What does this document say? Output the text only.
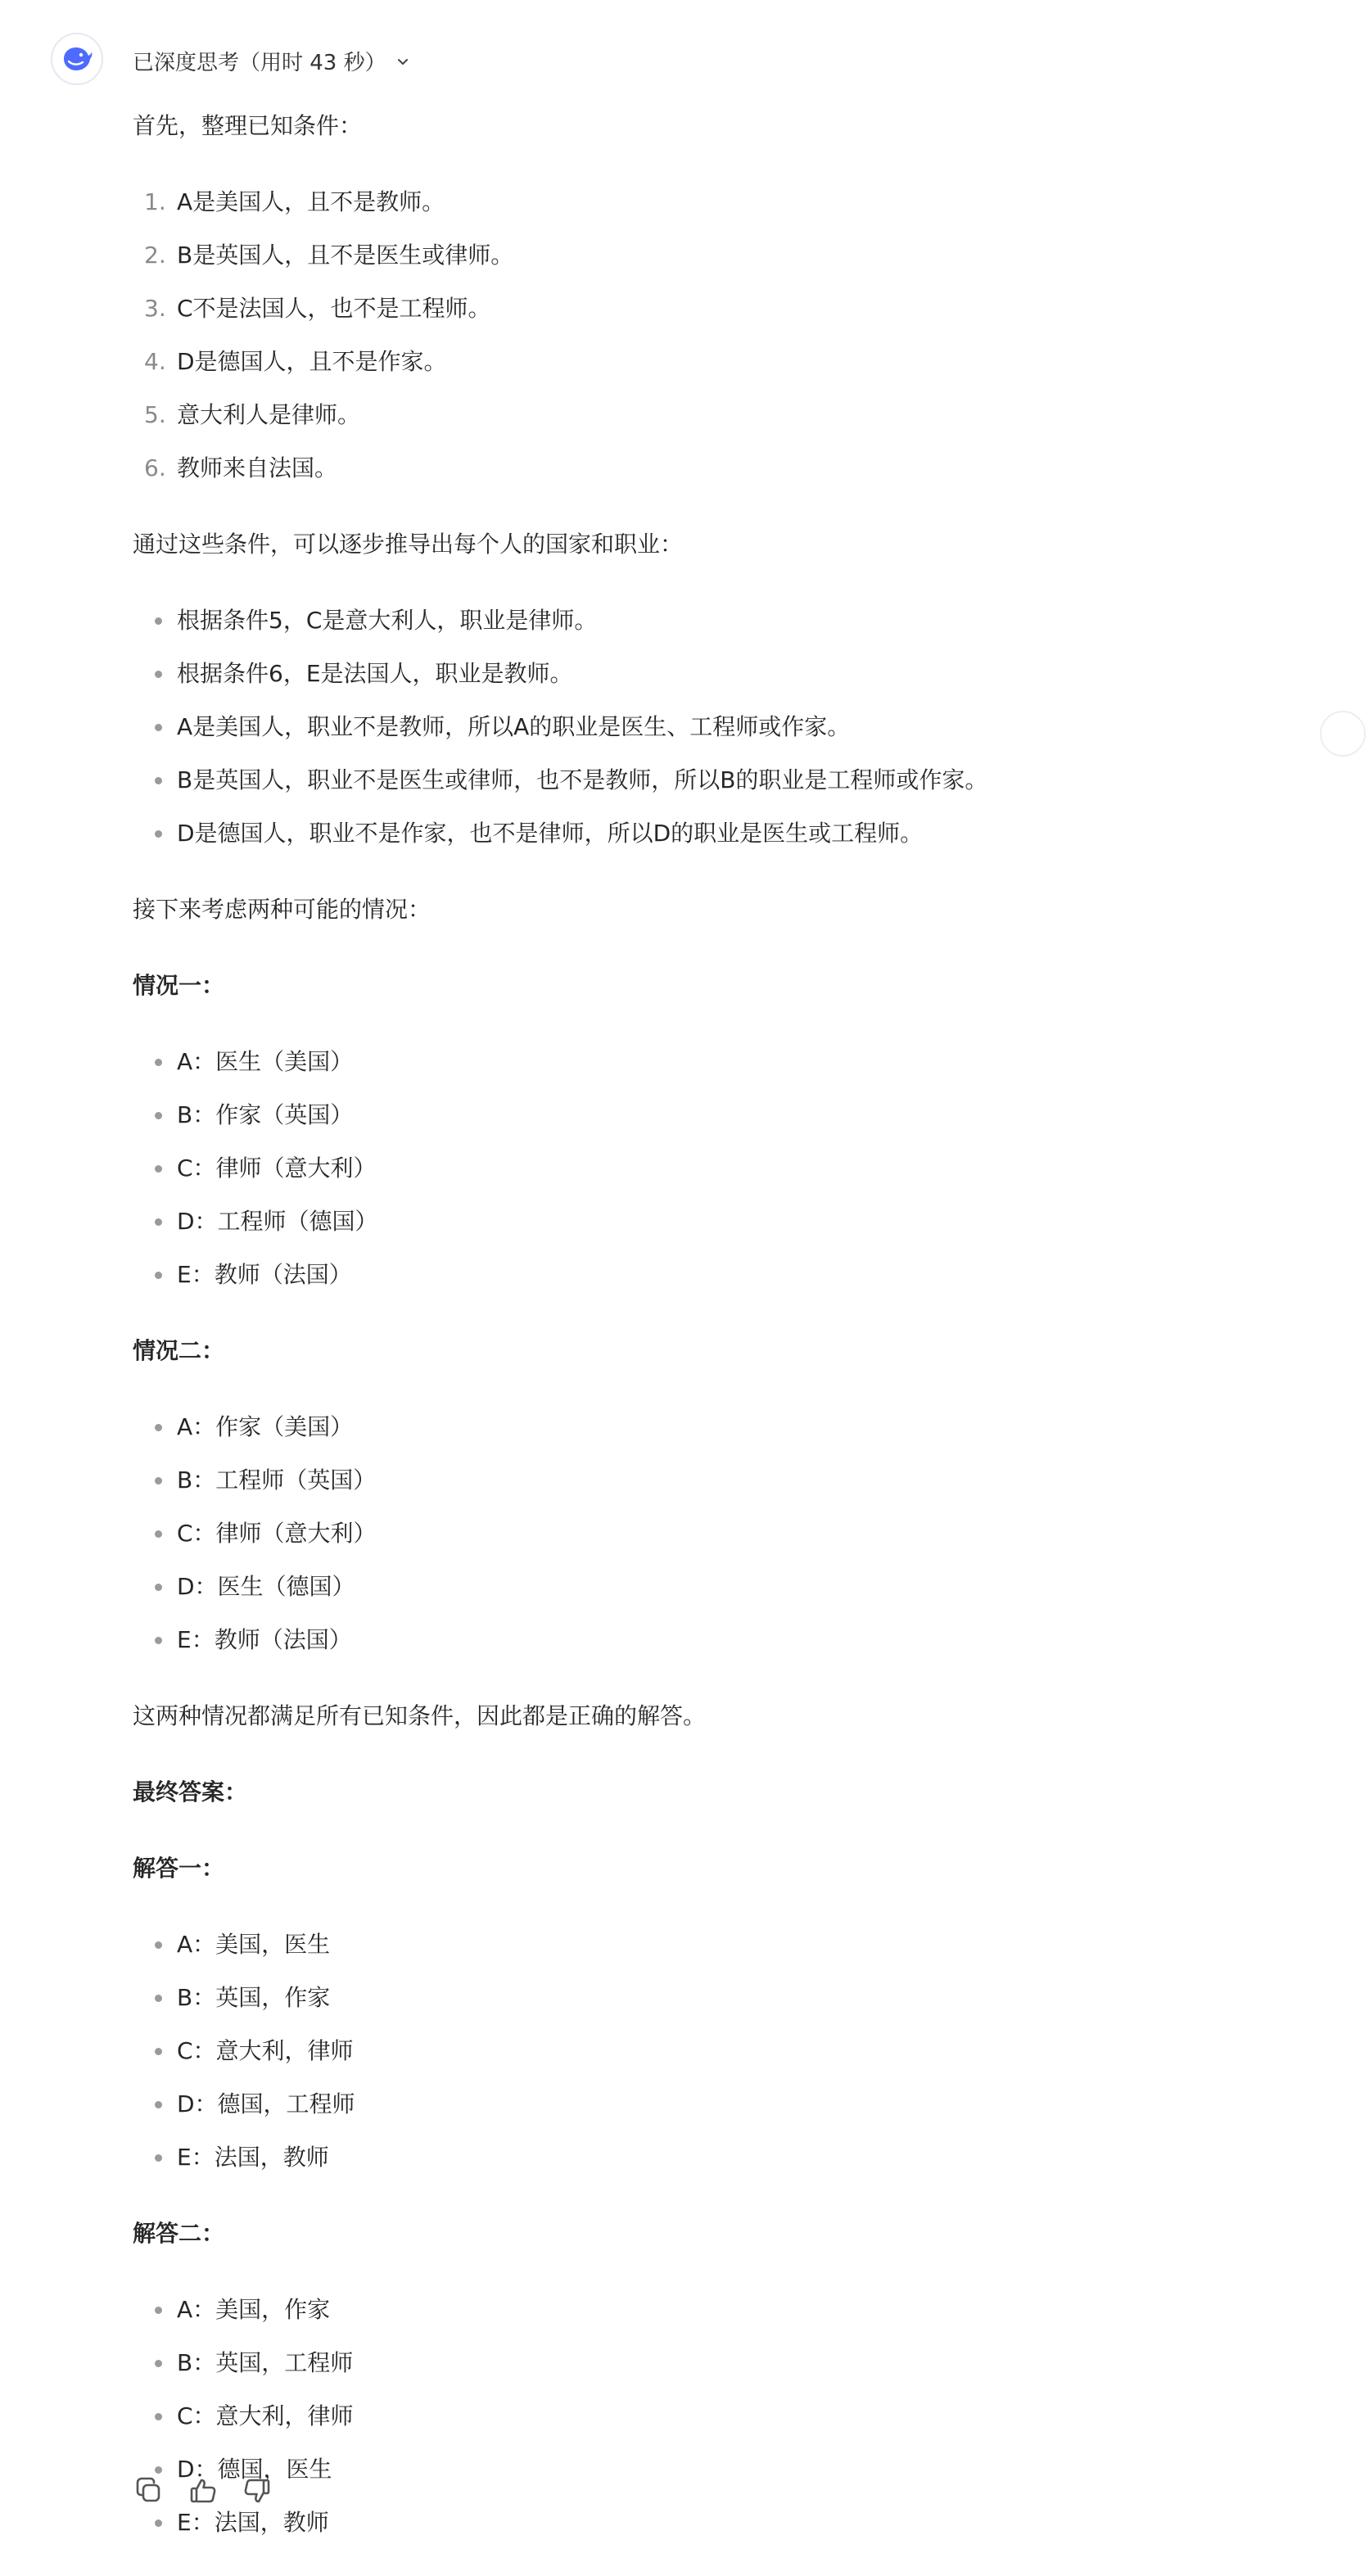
已深度思考（用时 43 秒）

首先，整理已知条件：

1. A是美国人，且不是教师。
2. B是英国人，且不是医生或律师。
3. C不是法国人，也不是工程师。
4. D是德国人，且不是作家。
5. 意大利人是律师。
6. 教师来自法国。

通过这些条件，可以逐步推导出每个人的国家和职业：

根据条件5，C是意大利人，职业是律师。
根据条件6，E是法国人，职业是教师。
A是美国人，职业不是教师，所以A的职业是医生、工程师或作家。
B是英国人，职业不是医生或律师，也不是教师，所以B的职业是工程师或作家。
D是德国人，职业不是作家，也不是律师，所以D的职业是医生或工程师。

接下来考虑两种可能的情况：

情况一：

A：医生（美国）
B：作家（英国）
C：律师（意大利）
D：工程师（德国）
E：教师（法国）

情况二：

A：作家（美国）
B：工程师（英国）
C：律师（意大利）
D：医生（德国）
E：教师（法国）

这两种情况都满足所有已知条件，因此都是正确的解答。

最终答案：

解答一：

A：美国，医生
B：英国，作家
C：意大利，律师
D：德国，工程师
E：法国，教师

解答二：

A：美国，作家
B：英国，工程师
C：意大利，律师
D：德国，医生
E：法国，教师
